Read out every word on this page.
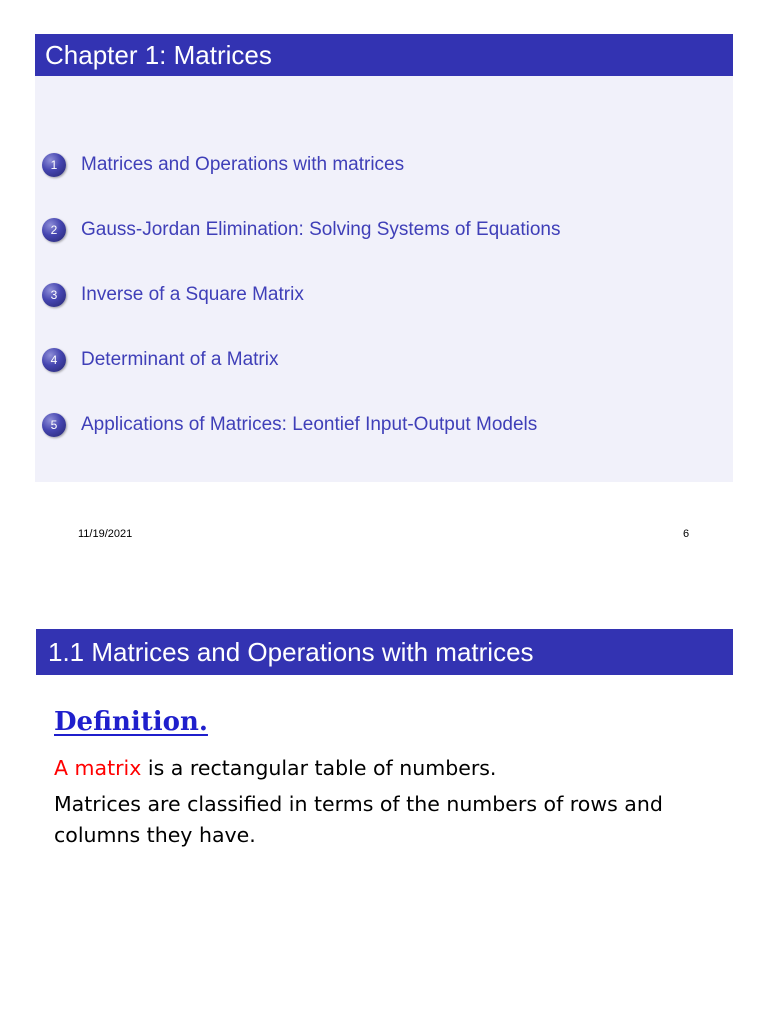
Chapter 1: Matrices
1	Matrices and Operations with matrices
2	Gauss-Jordan Elimination: Solving Systems of Equations
3	Inverse of a Square Matrix
4	Determinant of a Matrix
5	Applications of Matrices: Leontief Input-Output Models
11/19/2021	6
1.1 Matrices and Operations with matrices
Definition.
A matrix is a rectangular table of numbers.
Matrices are classified in terms of the numbers of rows and columns they have.
